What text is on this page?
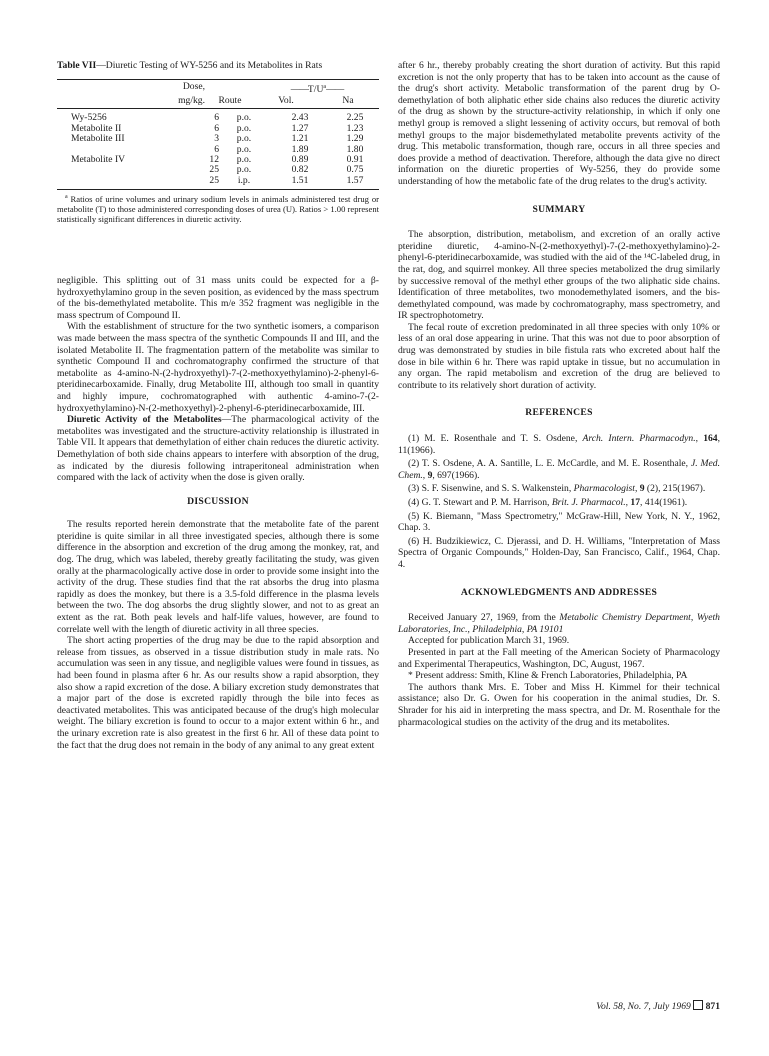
Table VII—Diuretic Testing of WY-5256 and its Metabolites in Rats
	Dose,		$——T/U^a——$	
	mg/kg.	Route	Vol.	Na
Wy-5256	6	p.o.	2.43	2.25
Metabolite II	6	p.o.	1.27	1.23
Metabolite III	3	p.o.	1.21	1.29
	6	p.o.	1.89	1.80
Metabolite IV	12	p.o.	0.89	0.91
	25	p.o.	0.82	0.75
	25	i.p.	1.51	1.57
$^a$ Ratios of urine volumes and urinary sodium levels in animals administered test drug or metabolite (T) to those administered corresponding doses of urea (U). Ratios > 1.00 represent statistically significant differences in diuretic activity.

negligible. This splitting out of 31 mass units could be expected for a β-hydroxyethylamino group in the seven position, as evidenced by the mass spectrum of the bis-demethylated metabolite. This m/e 352 fragment was negligible in the mass spectrum of Compound II.

With the establishment of structure for the two synthetic isomers, a comparison was made between the mass spectra of the synthetic Compounds II and III, and the isolated Metabolite II. The fragmentation pattern of the metabolite was similar to synthetic Compound II and cochromatography confirmed the structure of that metabolite as 4-amino-N-(2-hydroxyethyl)-7-(2-methoxyethylamino)-2-phenyl-6-pteridinecarboxamide. Finally, drug Metabolite III, although too small in quantity and highly impure, cochromatographed with authentic 4-amino-7-(2-hydroxyethylamino)-N-(2-methoxyethyl)-2-phenyl-6-pteridinecarboxamide, III.

Diuretic Activity of the Metabolites—The pharmacological activity of the metabolites was investigated and the structure-activity relationship is illustrated in Table VII. It appears that demethylation of either chain reduces the diuretic activity. Demethylation of both side chains appears to interfere with absorption of the drug, as indicated by the diuresis following intraperitoneal administration when compared with the lack of activity when the dose is given orally.

DISCUSSION

The results reported herein demonstrate that the metabolite fate of the parent pteridine is quite similar in all three investigated species, although there is some difference in the absorption and excretion of the drug among the monkey, rat, and dog. The drug, which was labeled, thereby greatly facilitating the study, was given orally at the pharmacologically active dose in order to provide some insight into the activity of the drug. These studies find that the rat absorbs the drug into plasma rapidly as does the monkey, but there is a 3.5-fold difference in the plasma levels between the two. The dog absorbs the drug slightly slower, and not to as great an extent as the rat. Both peak levels and half-life values, however, are found to correlate well with the length of diuretic activity in all three species.

The short acting properties of the drug may be due to the rapid absorption and release from tissues, as observed in a tissue distribution study in male rats. No accumulation was seen in any tissue, and negligible values were found in tissues, as had been found in plasma after 6 hr. As our results show a rapid absorption, they also show a rapid excretion of the dose. A biliary excretion study demonstrates that a major part of the dose is excreted rapidly through the bile into feces as deactivated metabolites. This was anticipated because of the drug's high molecular weight. The biliary excretion is found to occur to a major extent within 6 hr., and the urinary excretion rate is also greatest in the first 6 hr. All of these data point to the fact that the drug does not remain in the body of any animal to any great extent

after 6 hr., thereby probably creating the short duration of activity. But this rapid excretion is not the only property that has to be taken into account as the cause of the drug's short activity. Metabolic transformation of the parent drug by O-demethylation of both aliphatic ether side chains also reduces the diuretic activity of the drug as shown by the structure-activity relationship, in which if only one methyl group is removed a slight lessening of activity occurs, but removal of both methyl groups to the major bisdemethylated metabolite prevents activity of the drug. This metabolic transformation, though rare, occurs in all three species and does provide a method of deactivation. Therefore, although the data give no direct information on the diuretic properties of Wy-5256, they do provide some understanding of how the metabolic fate of the drug relates to the drug's activity.

SUMMARY

The absorption, distribution, metabolism, and excretion of an orally active pteridine diuretic, 4-amino-N-(2-methoxyethyl)-7-(2-methoxyethylamino)-2-phenyl-6-pteridinecarboxamide, was studied with the aid of the ¹⁴C-labeled drug, in the rat, dog, and squirrel monkey. All three species metabolized the drug similarly by successive removal of the methyl ether groups of the two aliphatic side chains. Identification of three metabolites, two monodemethylated isomers, and the bis-demethylated compound, was made by cochromatography, mass spectrometry, and IR spectrophotometry.

The fecal route of excretion predominated in all three species with only 10% or less of an oral dose appearing in urine. That this was not due to poor absorption of drug was demonstrated by studies in bile fistula rats who excreted about half the dose in bile within 6 hr. There was rapid uptake in tissue, but no accumulation in any organ. The rapid metabolism and excretion of the drug are believed to contribute to its relatively short duration of activity.

REFERENCES

(1) M. E. Rosenthale and T. S. Osdene, Arch. Intern. Pharmacodyn., 164, 11(1966).

(2) T. S. Osdene, A. A. Santille, L. E. McCardle, and M. E. Rosenthale, J. Med. Chem., 9, 697(1966).

(3) S. F. Sisenwine, and S. S. Walkenstein, Pharmacologist, 9 (2), 215(1967).

(4) G. T. Stewart and P. M. Harrison, Brit. J. Pharmacol., 17, 414(1961).

(5) K. Biemann, "Mass Spectrometry," McGraw-Hill, New York, N. Y., 1962, Chap. 3.

(6) H. Budzikiewicz, C. Djerassi, and D. H. Williams, "Interpretation of Mass Spectra of Organic Compounds," Holden-Day, San Francisco, Calif., 1964, Chap. 4.

ACKNOWLEDGMENTS AND ADDRESSES

Received January 27, 1969, from the Metabolic Chemistry Department, Wyeth Laboratories, Inc., Philadelphia, PA 19101

Accepted for publication March 31, 1969.

Presented in part at the Fall meeting of the American Society of Pharmacology and Experimental Therapeutics, Washington, DC, August, 1967.

* Present address: Smith, Kline & French Laboratories, Philadelphia, PA

The authors thank Mrs. E. Tober and Miss H. Kimmel for their technical assistance; also Dr. G. Owen for his cooperation in the animal studies, Dr. S. Shrader for his aid in interpreting the mass spectra, and Dr. M. Rosenthale for the pharmacological studies on the activity of the drug and its metabolites.

Vol. 58, No. 7, July 1969 871
